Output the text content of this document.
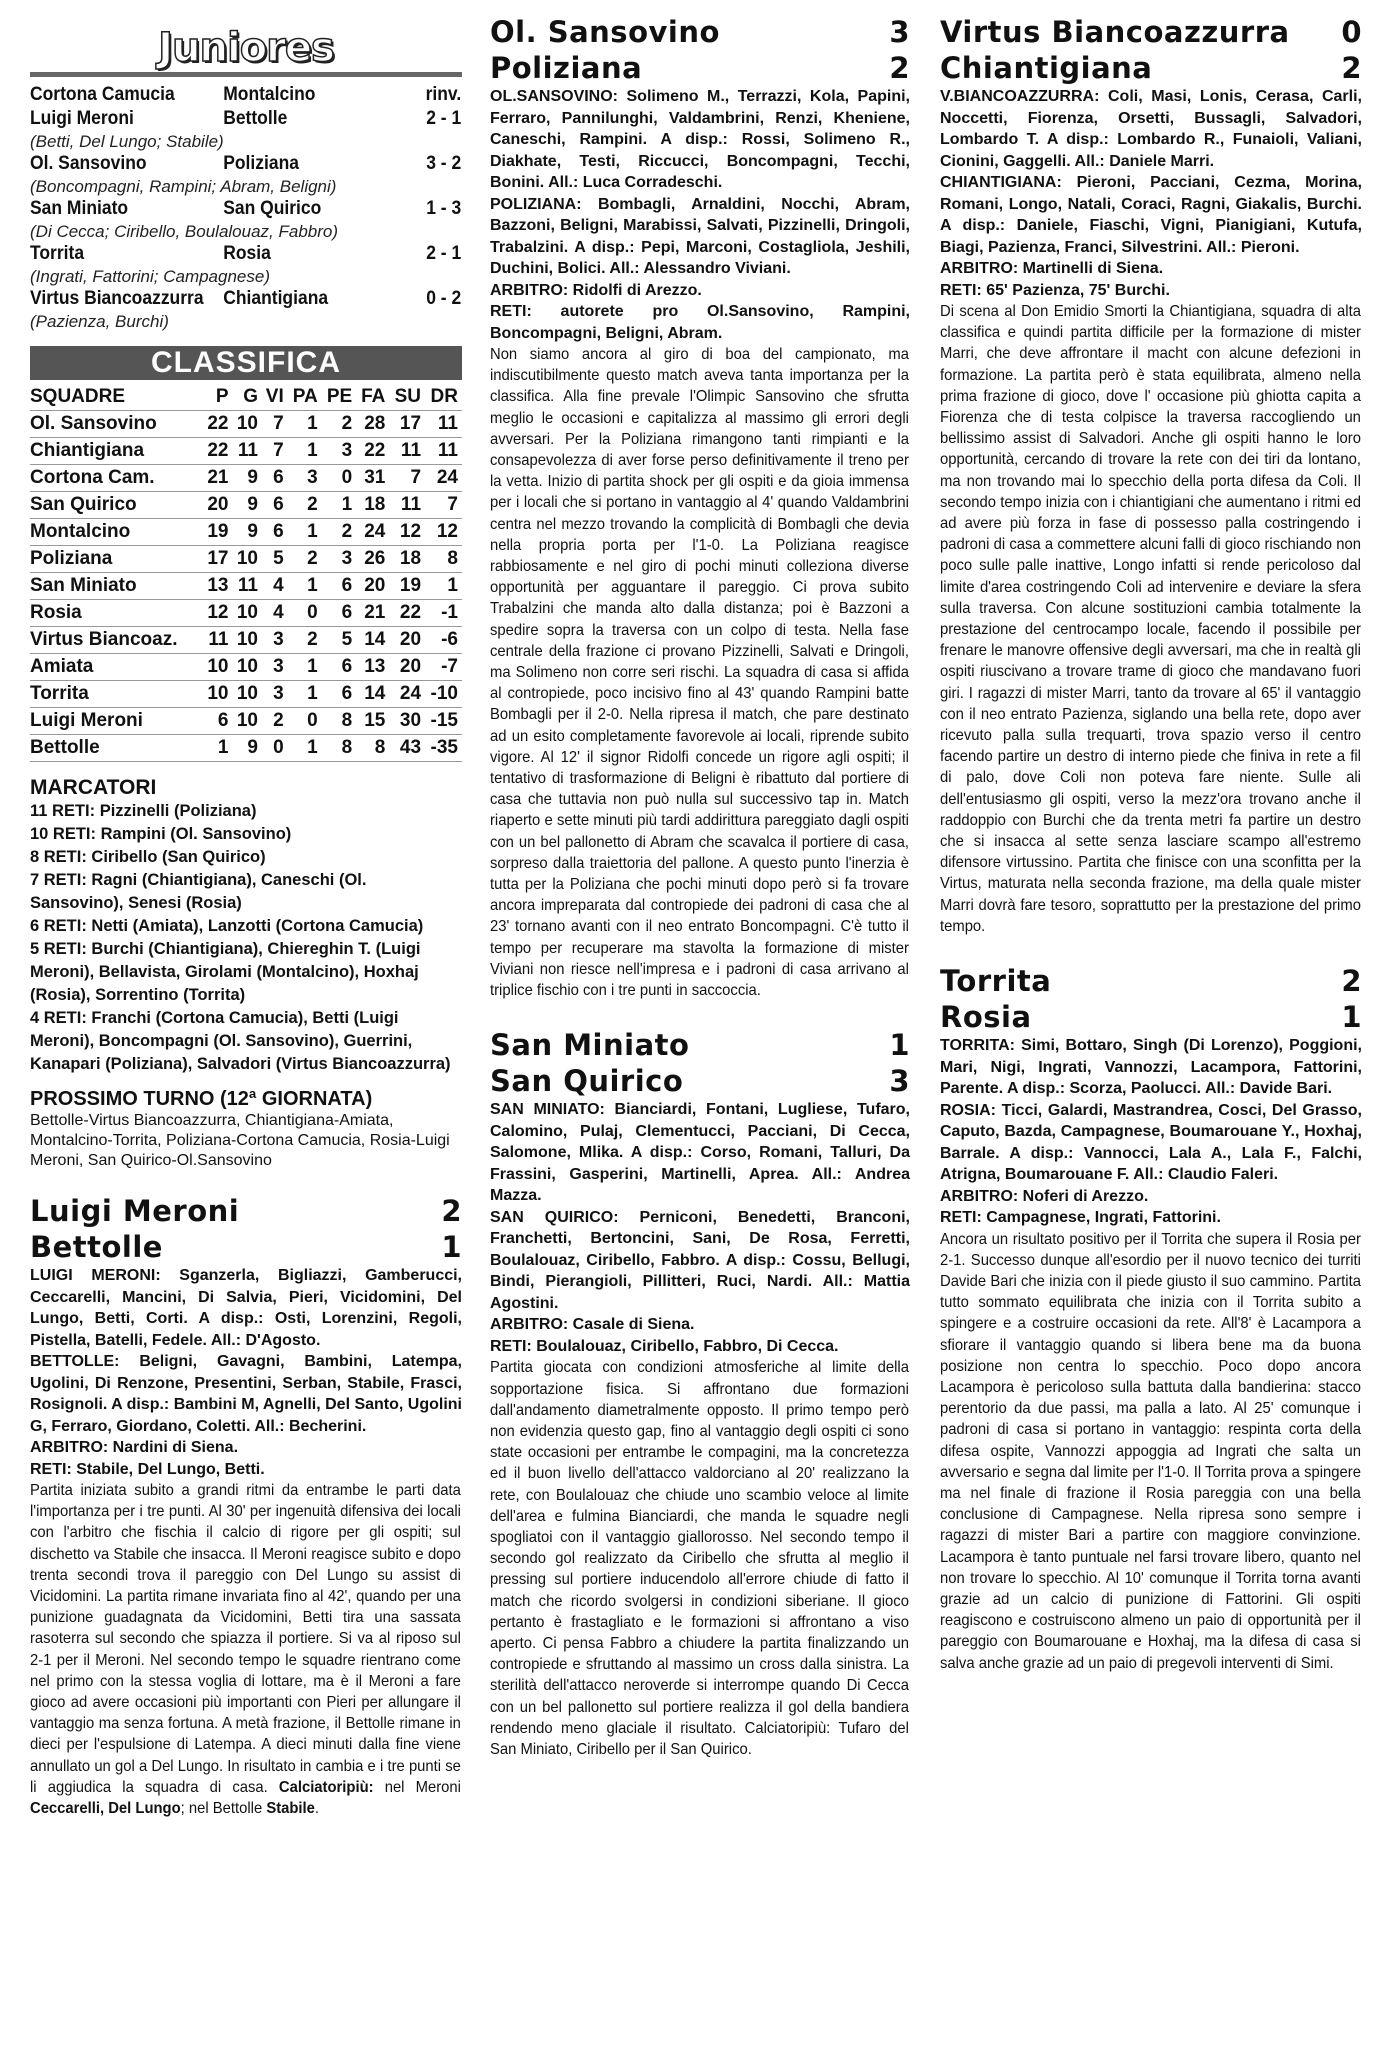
Juniores
Cortona Camucia	Montalcino	rinv.
Luigi Meroni	Bettolle	2 - 1
(Betti, Del Lungo; Stabile)
Ol. Sansovino	Poliziana	3 - 2
(Boncompagni, Rampini; Abram, Beligni)
San Miniato	San Quirico	1 - 3
(Di Cecca; Ciribello, Boulalouaz, Fabbro)
Torrita	Rosia	2 - 1
(Ingrati, Fattorini; Campagnese)
Virtus Biancoazzurra	Chiantigiana	0 - 2
(Pazienza, Burchi)
CLASSIFICA
SQUADRE	P	G	VI	PA	PE	FA	SU	DR
Ol. Sansovino	22	10	7	1	2	28	17	11
Chiantigiana	22	11	7	1	3	22	11	11
Cortona Cam.	21	9	6	3	0	31	7	24
San Quirico	20	9	6	2	1	18	11	7
Montalcino	19	9	6	1	2	24	12	12
Poliziana	17	10	5	2	3	26	18	8
San Miniato	13	11	4	1	6	20	19	1
Rosia	12	10	4	0	6	21	22	-1
Virtus Biancoaz.	11	10	3	2	5	14	20	-6
Amiata	10	10	3	1	6	13	20	-7
Torrita	10	10	3	1	6	14	24	-10
Luigi Meroni	6	10	2	0	8	15	30	-15
Bettolle	1	9	0	1	8	8	43	-35
MARCATORI
11 RETI: Pizzinelli (Poliziana)
10 RETI: Rampini (Ol. Sansovino)
8 RETI: Ciribello (San Quirico)
7 RETI: Ragni (Chiantigiana), Caneschi (Ol. Sansovino), Senesi (Rosia)
6 RETI: Netti (Amiata), Lanzotti (Cortona Camucia)
5 RETI: Burchi (Chiantigiana), Chiereghin T. (Luigi Meroni), Bellavista, Girolami (Montalcino), Hoxhaj (Rosia), Sorrentino (Torrita)
4 RETI: Franchi (Cortona Camucia), Betti (Luigi Meroni), Boncompagni (Ol. Sansovino), Guerrini, Kanapari (Poliziana), Salvadori (Virtus Biancoazzurra)
PROSSIMO TURNO (12ª GIORNATA)
Bettolle-Virtus Biancoazzurra, Chiantigiana-Amiata, Montalcino-Torrita, Poliziana-Cortona Camucia, Rosia-Luigi Meroni, San Quirico-Ol.Sansovino
Luigi Meroni	2
Bettolle	1
LUIGI MERONI: Sganzerla, Bigliazzi, Gamberucci, Ceccarelli, Mancini, Di Salvia, Pieri, Vicidomini, Del Lungo, Betti, Corti. A disp.: Osti, Lorenzini, Regoli, Pistella, Batelli, Fedele. All.: D'Agosto.
BETTOLLE: Beligni, Gavagni, Bambini, Latempa, Ugolini, Di Renzone, Presentini, Serban, Stabile, Frasci, Rosignoli. A disp.: Bambini M, Agnelli, Del Santo, Ugolini G, Ferraro, Giordano, Coletti. All.: Becherini.
ARBITRO: Nardini di Siena.
RETI: Stabile, Del Lungo, Betti.
Partita iniziata subito a grandi ritmi da entrambe le parti data l'importanza per i tre punti. Al 30' per ingenuità difensiva dei locali con l'arbitro che fischia il calcio di rigore per gli ospiti; sul dischetto va Stabile che insacca. Il Meroni reagisce subito e dopo trenta secondi trova il pareggio con Del Lungo su assist di Vicidomini. La partita rimane invariata fino al 42', quando per una punizione guadagnata da Vicidomini, Betti tira una sassata rasoterra sul secondo che spiazza il portiere. Si va al riposo sul 2-1 per il Meroni. Nel secondo tempo le squadre rientrano come nel primo con la stessa voglia di lottare, ma è il Meroni a fare gioco ad avere occasioni più importanti con Pieri per allungare il vantaggio ma senza fortuna. A metà frazione, il Bettolle rimane in dieci per l'espulsione di Latempa. A dieci minuti dalla fine viene annullato un gol a Del Lungo. In risultato in cambia e i tre punti se li aggiudica la squadra di casa. Calciatoripiù: nel Meroni Ceccarelli, Del Lungo; nel Bettolle Stabile.
Ol. Sansovino	3
Poliziana	2
OL.SANSOVINO: Solimeno M., Terrazzi, Kola, Papini, Ferraro, Pannilunghi, Valdambrini, Renzi, Kheniene, Caneschi, Rampini. A disp.: Rossi, Solimeno R., Diakhate, Testi, Riccucci, Boncompagni, Tecchi, Bonini. All.: Luca Corradeschi.
POLIZIANA: Bombagli, Arnaldini, Nocchi, Abram, Bazzoni, Beligni, Marabissi, Salvati, Pizzinelli, Dringoli, Trabalzini. A disp.: Pepi, Marconi, Costagliola, Jeshili, Duchini, Bolici. All.: Alessandro Viviani.
ARBITRO: Ridolfi di Arezzo.
RETI: autorete pro Ol.Sansovino, Rampini, Boncompagni, Beligni, Abram.
Non siamo ancora al giro di boa del campionato, ma indiscutibilmente questo match aveva tanta importanza per la classifica. Alla fine prevale l'Olimpic Sansovino che sfrutta meglio le occasioni e capitalizza al massimo gli errori degli avversari. Per la Poliziana rimangono tanti rimpianti e la consapevolezza di aver forse perso definitivamente il treno per la vetta. Inizio di partita shock per gli ospiti e da gioia immensa per i locali che si portano in vantaggio al 4' quando Valdambrini centra nel mezzo trovando la complicità di Bombagli che devia nella propria porta per l'1-0. La Poliziana reagisce rabbiosamente e nel giro di pochi minuti colleziona diverse opportunità per agguantare il pareggio. Ci prova subito Trabalzini che manda alto dalla distanza; poi è Bazzoni a spedire sopra la traversa con un colpo di testa. Nella fase centrale della frazione ci provano Pizzinelli, Salvati e Dringoli, ma Solimeno non corre seri rischi. La squadra di casa si affida al contropiede, poco incisivo fino al 43' quando Rampini batte Bombagli per il 2-0. Nella ripresa il match, che pare destinato ad un esito completamente favorevole ai locali, riprende subito vigore. Al 12' il signor Ridolfi concede un rigore agli ospiti; il tentativo di trasformazione di Beligni è ribattuto dal portiere di casa che tuttavia non può nulla sul successivo tap in. Match riaperto e sette minuti più tardi addirittura pareggiato dagli ospiti con un bel pallonetto di Abram che scavalca il portiere di casa, sorpreso dalla traiettoria del pallone. A questo punto l'inerzia è tutta per la Poliziana che pochi minuti dopo però si fa trovare ancora impreparata dal contropiede dei padroni di casa che al 23' tornano avanti con il neo entrato Boncompagni. C'è tutto il tempo per recuperare ma stavolta la formazione di mister Viviani non riesce nell'impresa e i padroni di casa arrivano al triplice fischio con i tre punti in saccoccia.
San Miniato	1
San Quirico	3
SAN MINIATO: Bianciardi, Fontani, Lugliese, Tufaro, Calomino, Pulaj, Clementucci, Pacciani, Di Cecca, Salomone, Mlika. A disp.: Corso, Romani, Talluri, Da Frassini, Gasperini, Martinelli, Aprea. All.: Andrea Mazza.
SAN QUIRICO: Perniconi, Benedetti, Branconi, Franchetti, Bertoncini, Sani, De Rosa, Ferretti, Boulalouaz, Ciribello, Fabbro. A disp.: Cossu, Bellugi, Bindi, Pierangioli, Pillitteri, Ruci, Nardi. All.: Mattia Agostini.
ARBITRO: Casale di Siena.
RETI: Boulalouaz, Ciribello, Fabbro, Di Cecca.
Partita giocata con condizioni atmosferiche al limite della sopportazione fisica. Si affrontano due formazioni dall'andamento diametralmente opposto. Il primo tempo però non evidenzia questo gap, fino al vantaggio degli ospiti ci sono state occasioni per entrambe le compagini, ma la concretezza ed il buon livello dell'attacco valdorciano al 20' realizzano la rete, con Boulalouaz che chiude uno scambio veloce al limite dell'area e fulmina Bianciardi, che manda le squadre negli spogliatoi con il vantaggio giallorosso. Nel secondo tempo il secondo gol realizzato da Ciribello che sfrutta al meglio il pressing sul portiere inducendolo all'errore chiude di fatto il match che ricordo svolgersi in condizioni siberiane. Il gioco pertanto è frastagliato e le formazioni si affrontano a viso aperto. Ci pensa Fabbro a chiudere la partita finalizzando un contropiede e sfruttando al massimo un cross dalla sinistra. La sterilità dell'attacco neroverde si interrompe quando Di Cecca con un bel pallonetto sul portiere realizza il gol della bandiera rendendo meno glaciale il risultato. Calciatoripiù: Tufaro del San Miniato, Ciribello per il San Quirico.
Virtus Biancoazzurra 0
Chiantigiana	2
V.BIANCOAZZURRA: Coli, Masi, Lonis, Cerasa, Carli, Noccetti, Fiorenza, Orsetti, Bussagli, Salvadori, Lombardo T. A disp.: Lombardo R., Funaioli, Valiani, Cionini, Gaggelli. All.: Daniele Marri.
CHIANTIGIANA: Pieroni, Pacciani, Cezma, Morina, Romani, Longo, Natali, Coraci, Ragni, Giakalis, Burchi. A disp.: Daniele, Fiaschi, Vigni, Pianigiani, Kutufa, Biagi, Pazienza, Franci, Silvestrini. All.: Pieroni.
ARBITRO: Martinelli di Siena.
RETI: 65' Pazienza, 75' Burchi.
Di scena al Don Emidio Smorti la Chiantigiana, squadra di alta classifica e quindi partita difficile per la formazione di mister Marri, che deve affrontare il macht con alcune defezioni in formazione. La partita però è stata equilibrata, almeno nella prima frazione di gioco, dove l' occasione più ghiotta capita a Fiorenza che di testa colpisce la traversa raccogliendo un bellissimo assist di Salvadori. Anche gli ospiti hanno le loro opportunità, cercando di trovare la rete con dei tiri da lontano, ma non trovando mai lo specchio della porta difesa da Coli. Il secondo tempo inizia con i chiantigiani che aumentano i ritmi ed ad avere più forza in fase di possesso palla costringendo i padroni di casa a commettere alcuni falli di gioco rischiando non poco sulle palle inattive, Longo infatti si rende pericoloso dal limite d'area costringendo Coli ad intervenire e deviare la sfera sulla traversa. Con alcune sostituzioni cambia totalmente la prestazione del centrocampo locale, facendo il possibile per frenare le manovre offensive degli avversari, ma che in realtà gli ospiti riuscivano a trovare trame di gioco che mandavano fuori giri. I ragazzi di mister Marri, tanto da trovare al 65' il vantaggio con il neo entrato Pazienza, siglando una bella rete, dopo aver ricevuto palla sulla trequarti, trova spazio verso il centro facendo partire un destro di interno piede che finiva in rete a fil di palo, dove Coli non poteva fare niente. Sulle ali dell'entusiasmo gli ospiti, verso la mezz'ora trovano anche il raddoppio con Burchi che da trenta metri fa partire un destro che si insacca al sette senza lasciare scampo all'estremo difensore virtussino. Partita che finisce con una sconfitta per la Virtus, maturata nella seconda frazione, ma della quale mister Marri dovrà fare tesoro, soprattutto per la prestazione del primo tempo.
Torrita	2
Rosia	1
TORRITA: Simi, Bottaro, Singh (Di Lorenzo), Poggioni, Mari, Nigi, Ingrati, Vannozzi, Lacampora, Fattorini, Parente. A disp.: Scorza, Paolucci. All.: Davide Bari.
ROSIA: Ticci, Galardi, Mastrandrea, Cosci, Del Grasso, Caputo, Bazda, Campagnese, Boumarouane Y., Hoxhaj, Barrale. A disp.: Vannocci, Lala A., Lala F., Falchi, Atrigna, Boumarouane F. All.: Claudio Faleri.
ARBITRO: Noferi di Arezzo.
RETI: Campagnese, Ingrati, Fattorini.
Ancora un risultato positivo per il Torrita che supera il Rosia per 2-1. Successo dunque all'esordio per il nuovo tecnico dei turriti Davide Bari che inizia con il piede giusto il suo cammino. Partita tutto sommato equilibrata che inizia con il Torrita subito a spingere e a costruire occasioni da rete. All'8' è Lacampora a sfiorare il vantaggio quando si libera bene ma da buona posizione non centra lo specchio. Poco dopo ancora Lacampora è pericoloso sulla battuta dalla bandierina: stacco perentorio da due passi, ma palla a lato. Al 25' comunque i padroni di casa si portano in vantaggio: respinta corta della difesa ospite, Vannozzi appoggia ad Ingrati che salta un avversario e segna dal limite per l'1-0. Il Torrita prova a spingere ma nel finale di frazione il Rosia pareggia con una bella conclusione di Campagnese. Nella ripresa sono sempre i ragazzi di mister Bari a partire con maggiore convinzione. Lacampora è tanto puntuale nel farsi trovare libero, quanto nel non trovare lo specchio. Al 10' comunque il Torrita torna avanti grazie ad un calcio di punizione di Fattorini. Gli ospiti reagiscono e costruiscono almeno un paio di opportunità per il pareggio con Boumarouane e Hoxhaj, ma la difesa di casa si salva anche grazie ad un paio di pregevoli interventi di Simi.
